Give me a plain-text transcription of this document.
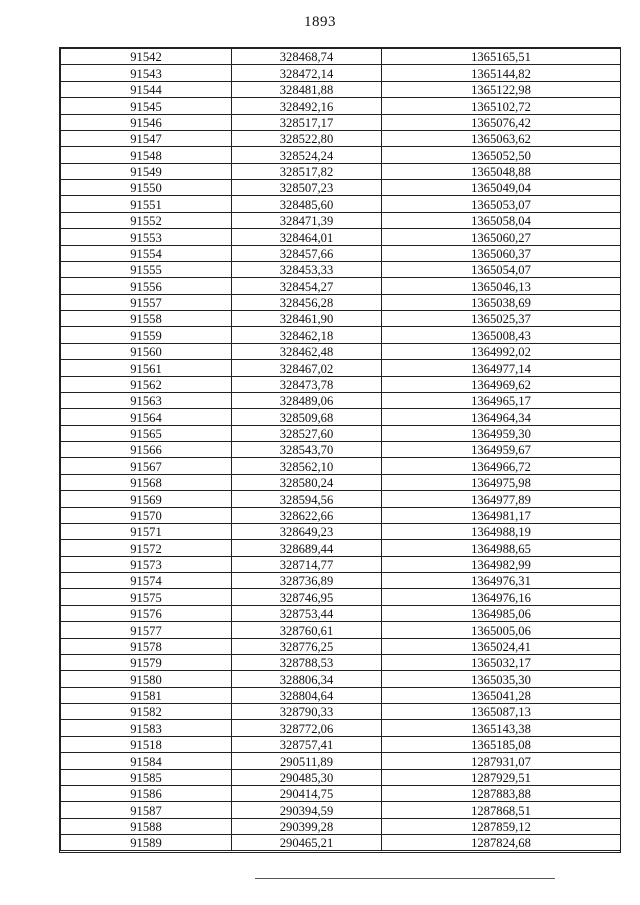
1893
91542	328468,74	1365165,51
91543	328472,14	1365144,82
91544	328481,88	1365122,98
91545	328492,16	1365102,72
91546	328517,17	1365076,42
91547	328522,80	1365063,62
91548	328524,24	1365052,50
91549	328517,82	1365048,88
91550	328507,23	1365049,04
91551	328485,60	1365053,07
91552	328471,39	1365058,04
91553	328464,01	1365060,27
91554	328457,66	1365060,37
91555	328453,33	1365054,07
91556	328454,27	1365046,13
91557	328456,28	1365038,69
91558	328461,90	1365025,37
91559	328462,18	1365008,43
91560	328462,48	1364992,02
91561	328467,02	1364977,14
91562	328473,78	1364969,62
91563	328489,06	1364965,17
91564	328509,68	1364964,34
91565	328527,60	1364959,30
91566	328543,70	1364959,67
91567	328562,10	1364966,72
91568	328580,24	1364975,98
91569	328594,56	1364977,89
91570	328622,66	1364981,17
91571	328649,23	1364988,19
91572	328689,44	1364988,65
91573	328714,77	1364982,99
91574	328736,89	1364976,31
91575	328746,95	1364976,16
91576	328753,44	1364985,06
91577	328760,61	1365005,06
91578	328776,25	1365024,41
91579	328788,53	1365032,17
91580	328806,34	1365035,30
91581	328804,64	1365041,28
91582	328790,33	1365087,13
91583	328772,06	1365143,38
91518	328757,41	1365185,08
91584	290511,89	1287931,07
91585	290485,30	1287929,51
91586	290414,75	1287883,88
91587	290394,59	1287868,51
91588	290399,28	1287859,12
91589	290465,21	1287824,68
